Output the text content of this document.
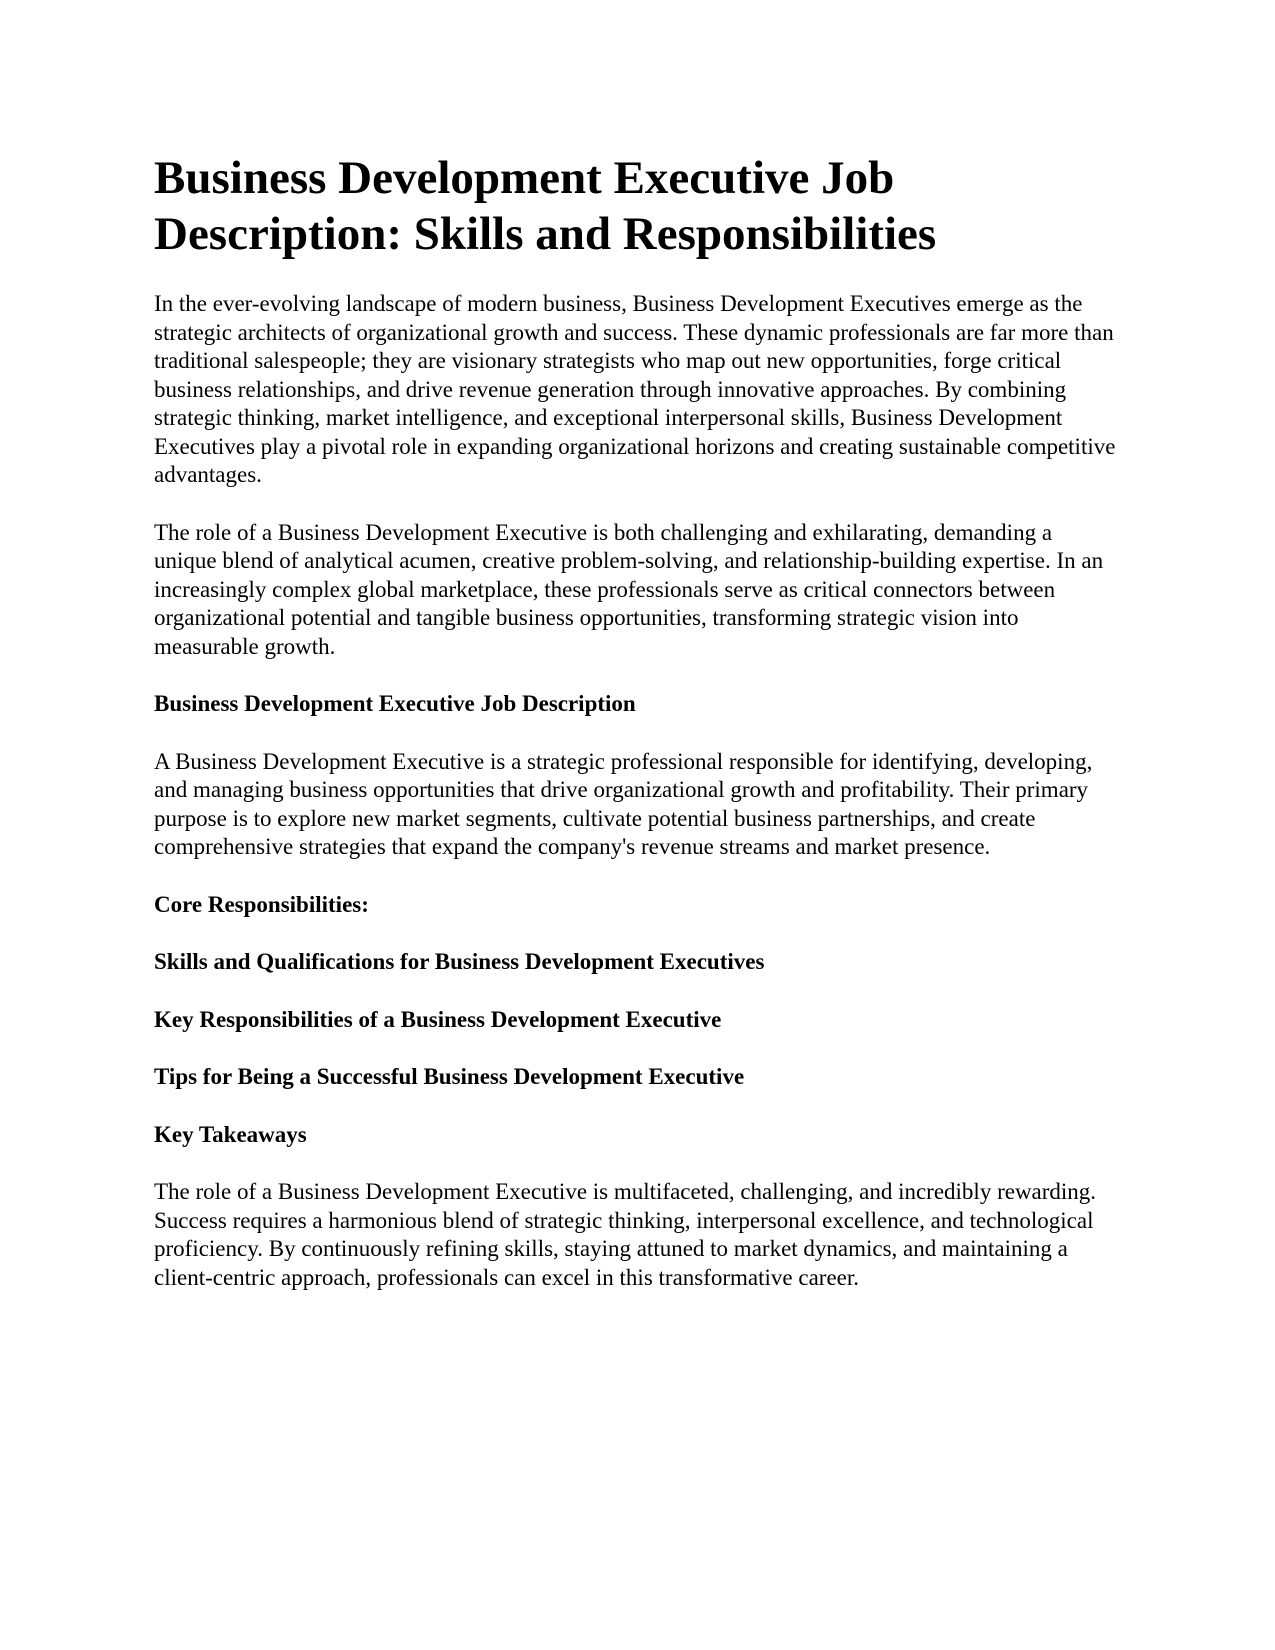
Business Development Executive Job Description: Skills and Responsibilities

In the ever-evolving landscape of modern business, Business Development Executives emerge as the strategic architects of organizational growth and success. These dynamic professionals are far more than traditional salespeople; they are visionary strategists who map out new opportunities, forge critical business relationships, and drive revenue generation through innovative approaches. By combining strategic thinking, market intelligence, and exceptional interpersonal skills, Business Development Executives play a pivotal role in expanding organizational horizons and creating sustainable competitive advantages.

The role of a Business Development Executive is both challenging and exhilarating, demanding a unique blend of analytical acumen, creative problem-solving, and relationship-building expertise. In an increasingly complex global marketplace, these professionals serve as critical connectors between organizational potential and tangible business opportunities, transforming strategic vision into measurable growth.

Business Development Executive Job Description

A Business Development Executive is a strategic professional responsible for identifying, developing, and managing business opportunities that drive organizational growth and profitability. Their primary purpose is to explore new market segments, cultivate potential business partnerships, and create comprehensive strategies that expand the company's revenue streams and market presence.

Core Responsibilities:
Skills and Qualifications for Business Development Executives
Key Responsibilities of a Business Development Executive
Tips for Being a Successful Business Development Executive
Key Takeaways

The role of a Business Development Executive is multifaceted, challenging, and incredibly rewarding. Success requires a harmonious blend of strategic thinking, interpersonal excellence, and technological proficiency. By continuously refining skills, staying attuned to market dynamics, and maintaining a client-centric approach, professionals can excel in this transformative career.
